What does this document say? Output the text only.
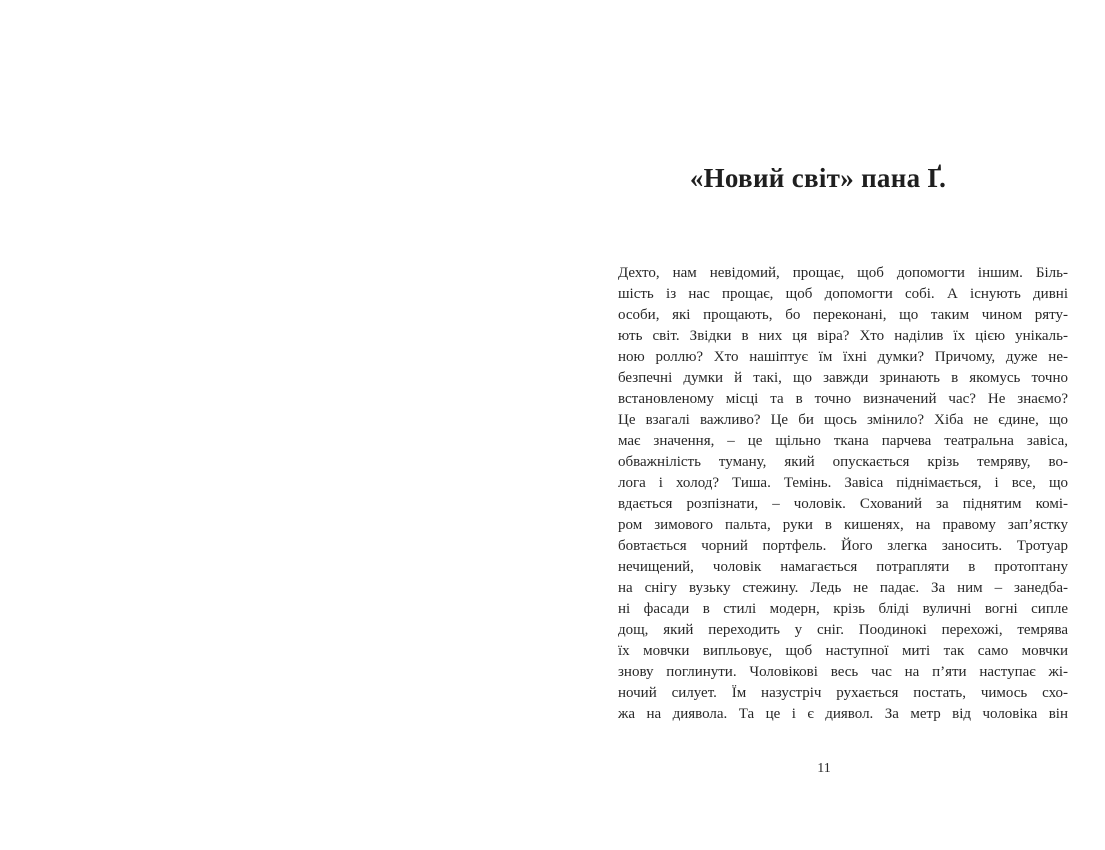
«Новий світ» пана Ґ.
Дехто, нам невідомий, прощає, щоб допомогти іншим. Біль-
шість із нас прощає, щоб допомогти собі. А існують дивні
особи, які прощають, бо переконані, що таким чином ряту-
ють світ. Звідки в них ця віра? Хто наділив їх цією унікаль-
ною роллю? Хто нашіптує їм їхні думки? Причому, дуже не-
безпечні думки й такі, що завжди зринають в якомусь точно
встановленому місці та в точно визначений час? Не знаємо?
Це взагалі важливо? Це би щось змінило? Хіба не єдине, що
має значення, – це щільно ткана парчева театральна завіса,
обважнілість туману, який опускається крізь темряву, во-
лога і холод? Тиша. Темінь. Завіса піднімається, і все, що
вдається розпізнати, – чоловік. Схований за піднятим комі-
ром зимового пальта, руки в кишенях, на правому зап’ястку
бовтається чорний портфель. Його злегка заносить. Тротуар
нечищений, чоловік намагається потрапляти в протоптану
на снігу вузьку стежину. Ледь не падає. За ним – занедба-
ні фасади в стилі модерн, крізь бліді вуличні вогні сипле
дощ, який переходить у сніг. Поодинокі перехожі, темрява
їх мовчки випльовує, щоб наступної миті так само мовчки
знову поглинути. Чоловікові весь час на п’яти наступає жі-
ночий силует. Їм назустріч рухається постать, чимось схо-
жа на диявола. Та це і є диявол. За метр від чоловіка він
11
